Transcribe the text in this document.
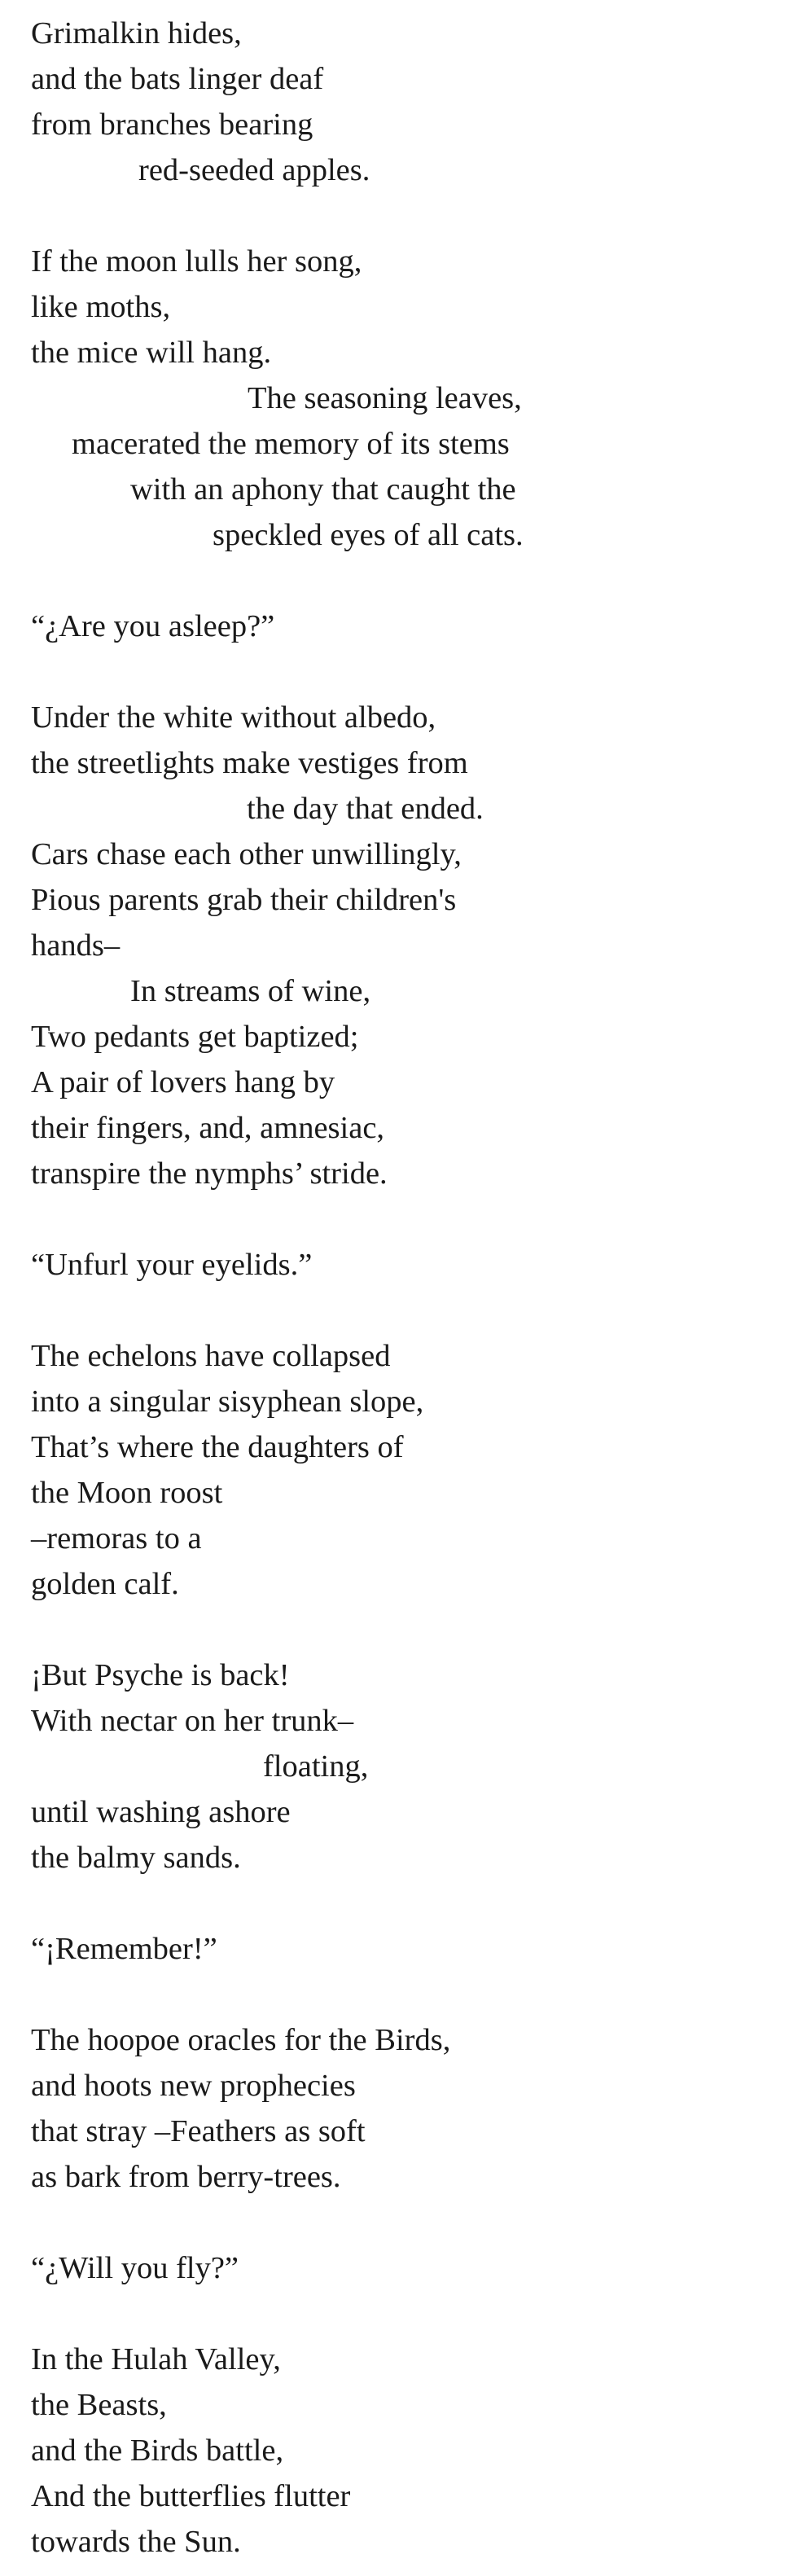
Grimalkin hides,
and the bats linger deaf
from branches bearing
red-seeded apples.
If the moon lulls her song,
like moths,
the mice will hang.
The seasoning leaves,
macerated the memory of its stems
with an aphony that caught the
speckled eyes of all cats.
“¿Are you asleep?”
Under the white without albedo,
the streetlights make vestiges from
the day that ended.
Cars chase each other unwillingly,
Pious parents grab their children's
hands–
In streams of wine,
Two pedants get baptized;
A pair of lovers hang by
their fingers, and, amnesiac,
transpire the nymphs’ stride.
“Unfurl your eyelids.”
The echelons have collapsed
into a singular sisyphean slope,
That’s where the daughters of
the Moon roost
–remoras to a
golden calf.
¡But Psyche is back!
With nectar on her trunk–
floating,
until washing ashore
the balmy sands.
“¡Remember!”
The hoopoe oracles for the Birds,
and hoots new prophecies
that stray –Feathers as soft
as bark from berry-trees.
“¿Will you fly?”
In the Hulah Valley,
the Beasts,
and the Birds battle,
And the butterflies flutter
towards the Sun.
